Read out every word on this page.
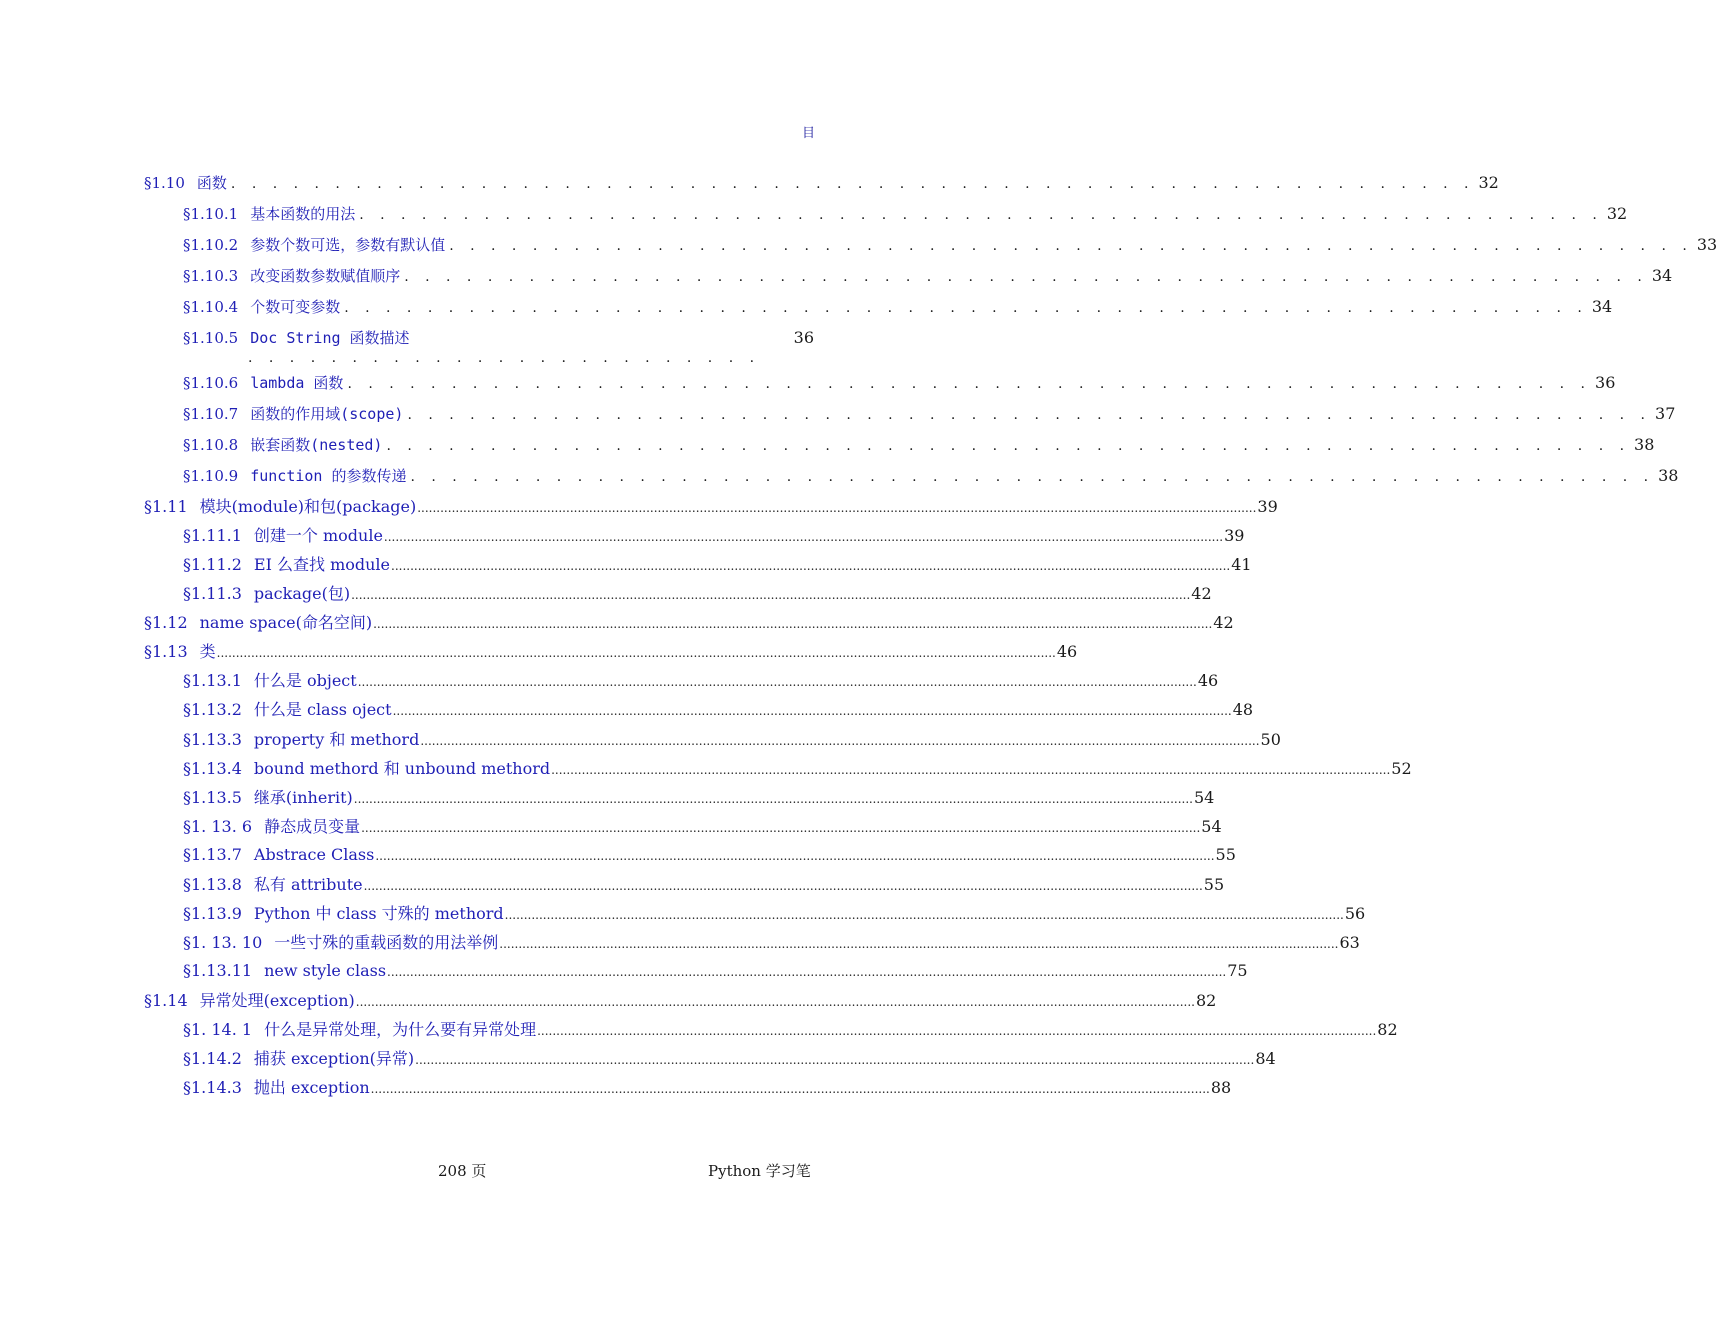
目
§1.10 函数 . . . . . . . . . . . . . . . . . . . . . . . . . . . . . . . . . . . . . . . . . . . . . . . . . . . . . . . . . . . . 32
§1.10.1 基本函数的用法 . . . . . . . . . . . . . . . . . . . . . . . . . . . . . . . . . . . . . . . . . . . . . . . . . . . . . . . . . . . . 32
§1.10.2 参数个数可选，参数有默认值 . . . . . . . . . . . . . . . . . . . . . . . . . . . . . . . . . . . . . . . . . . . . . . . . . . . . . . . . . . . . 33
§1.10.3 改变函数参数赋值顺序 . . . . . . . . . . . . . . . . . . . . . . . . . . . . . . . . . . . . . . . . . . . . . . . . . . . . . . . . . . . . 34
§1.10.4 个数可变参数 . . . . . . . . . . . . . . . . . . . . . . . . . . . . . . . . . . . . . . . . . . . . . . . . . . . . . . . . . . . . 34
§1.10.5 Doc String 函数描述	36
§1.10.6 lambda 函数 . . . . . . . . . . . . . . . . . . . . . . . . . . . . . . . . . . . . . . . . . . . . . . . . . . . . . . . . . . . . 36
§1.10.7 函数的作用域(scope) . . . . . . . . . . . . . . . . . . . . . . . . . . . . . . . . . . . . . . . . . . . . . . . . . . . . . . . . . . . . 37
§1.10.8 嵌套函数(nested) . . . . . . . . . . . . . . . . . . . . . . . . . . . . . . . . . . . . . . . . . . . . . . . . . . . . . . . . . . . . 38
§1.10.9 function 的参数传递 . . . . . . . . . . . . . . . . . . . . . . . . . . . . . . . . . . . . . . . . . . . . . . . . . . . . . . . . . . . . 38
§1.11 模块(module)和包(package) ............................................................................................................................................................................................................................ 39
§1.11.1 创建一个 module ............................................................................................................................................................................................................................ 39
§1.11.2 EI 么查找 module ............................................................................................................................................................................................................................ 41
§1.11.3 package(包) ............................................................................................................................................................................................................................ 42
§1.12 name space(命名空间) ............................................................................................................................................................................................................................ 42
§1.13 类 ............................................................................................................................................................................................................................ 46
§1.13.1 什么是 object ............................................................................................................................................................................................................................ 46
§1.13.2 什么是 class oject ............................................................................................................................................................................................................................ 48
§1.13.3 property 和 methord ............................................................................................................................................................................................................................ 50
§1.13.4 bound methord 和 unbound methord ............................................................................................................................................................................................................................ 52
§1.13.5 继承(inherit) ............................................................................................................................................................................................................................ 54
§1. 13. 6 静态成员变量 ............................................................................................................................................................................................................................ 54
§1.13.7 Abstrace Class ............................................................................................................................................................................................................................ 55
§1.13.8 私有 attribute ............................................................................................................................................................................................................................ 55
§1.13.9 Python 中 class 寸殊的 methord ............................................................................................................................................................................................................................ 56
§1. 13. 10 一些寸殊的重载函数的用法举例 ............................................................................................................................................................................................................................ 63
§1.13.11 new style class ............................................................................................................................................................................................................................ 75
§1.14 异常处理(exception) ............................................................................................................................................................................................................................ 82
§1. 14. 1 什么是异常处理，为什么要有异常处理 ............................................................................................................................................................................................................................ 82
§1.14.2 捕获 exception(异常) ............................................................................................................................................................................................................................ 84
§1.14.3 抛出 exception ............................................................................................................................................................................................................................ 88
. . . . . . . . . . . . . . . . . . . . . . . . .
208 页	Python 学习笔
